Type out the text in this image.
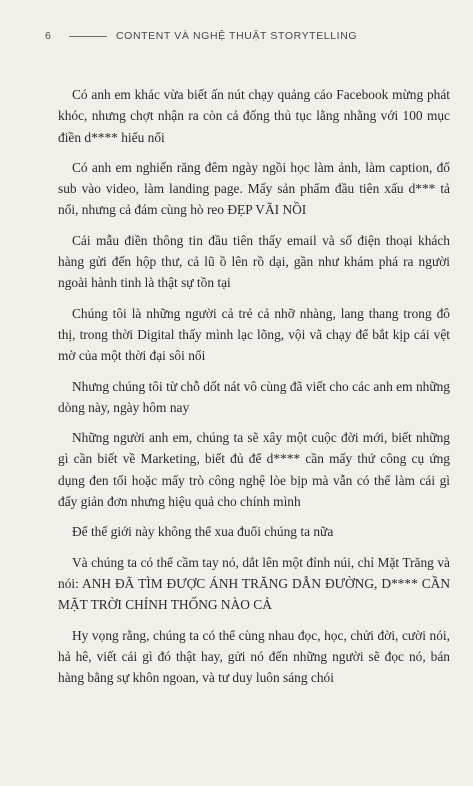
6	CONTENT VÀ NGHỆ THUẬT STORYTELLING

Có anh em khác vừa biết ấn nút chạy quảng cáo Facebook mừng phát khóc, nhưng chợt nhận ra còn cả đống thủ tục lằng nhằng với 100 mục điền d**** hiểu nổi

Có anh em nghiến răng đêm ngày ngồi học làm ảnh, làm caption, đổ sub vào video, làm landing page. Mấy sản phẩm đầu tiên xấu d*** tả nổi, nhưng cả đám cùng hò reo ĐẸP VÃI NỒI

Cái mẫu điền thông tin đầu tiên thấy email và số điện thoại khách hàng gửi đến hộp thư, cả lũ ồ lên rồ dại, gần như khám phá ra người ngoài hành tinh là thật sự tồn tại

Chúng tôi là những người cả trẻ cả nhỡ nhàng, lang thang trong đô thị, trong thời Digital thấy mình lạc lõng, vội vã chạy để bắt kịp cái vệt mờ của một thời đại sôi nổi

Nhưng chúng tôi từ chỗ dốt nát vô cùng đã viết cho các anh em những dòng này, ngày hôm nay

Những người anh em, chúng ta sẽ xây một cuộc đời mới, biết những gì cần biết về Marketing, biết đủ để d**** cần mấy thứ công cụ ứng dụng đen tối hoặc mấy trò công nghệ lòe bịp mà vẫn có thể làm cái gì đấy giản đơn nhưng hiệu quả cho chính mình

Để thế giới này không thể xua đuổi chúng ta nữa

Và chúng ta có thể cầm tay nó, dắt lên một đỉnh núi, chỉ Mặt Trăng và nói: ANH ĐÃ TÌM ĐƯỢC ÁNH TRĂNG DẪN ĐƯỜNG, D**** CẦN MẶT TRỜI CHÍNH THỐNG NÀO CẢ

Hy vọng rằng, chúng ta có thể cùng nhau đọc, học, chửi đời, cười nói, hả hê, viết cái gì đó thật hay, gửi nó đến những người sẽ đọc nó, bán hàng bằng sự khôn ngoan, và tư duy luôn sáng chói
